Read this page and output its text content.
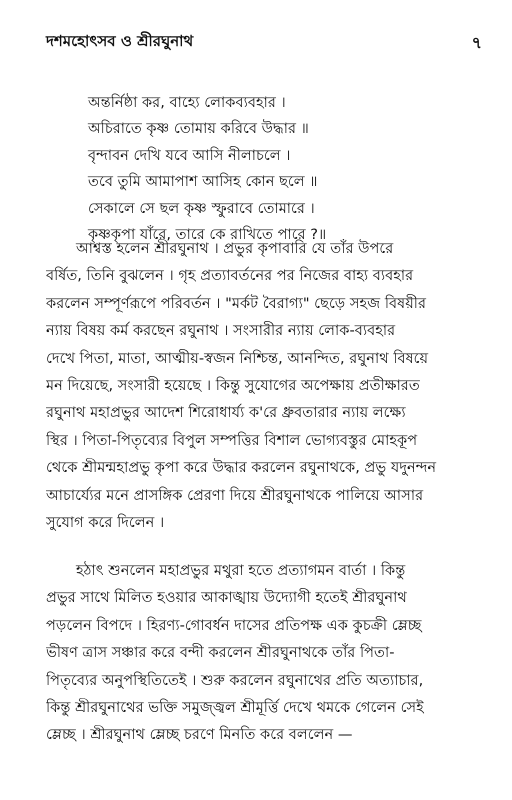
দশমহোৎসব ও শ্রীরঘুনাথ	৭
অন্তর্নিষ্ঠা কর, বাহ্যে লোকব্যবহার ।
অচিরাতে কৃষ্ণ তোমায় করিবে উদ্ধার ॥
বৃন্দাবন দেখি যবে আসি নীলাচলে ।
তবে তুমি আমাপাশ আসিহ কোন ছলে ॥
সেকালে সে ছল কৃষ্ণ স্ফুরাবে তোমারে ।
কৃষ্ণকৃপা যাঁরে, তারে কে রাখিতে পারে ?॥
আশ্বস্ত হলেন শ্রীরঘুনাথ । প্রভুর কৃপাবারি যে তাঁর উপরে
বর্ষিত, তিনি বুঝলেন । গৃহ প্রত্যাবর্তনের পর নিজের বাহ্য ব্যবহার
করলেন সম্পূর্ণরূপে পরিবর্তন । "মর্কট বৈরাগ্য" ছেড়ে সহজ বিষয়ীর
ন্যায় বিষয় কর্ম করছেন রঘুনাথ । সংসারীর ন্যায় লোক-ব্যবহার
দেখে পিতা, মাতা, আত্মীয়-স্বজন নিশ্চিন্ত, আনন্দিত, রঘুনাথ বিষয়ে
মন দিয়েছে, সংসারী হয়েছে । কিন্তু সুযোগের অপেক্ষায় প্রতীক্ষারত
রঘুনাথ মহাপ্রভুর আদেশ শিরোধার্য্য ক'রে ধ্রুবতারার ন্যায় লক্ষ্যে
স্থির । পিতা-পিতৃব্যের বিপুল সম্পত্তির বিশাল ভোগ্যবস্তুর মোহকূপ
থেকে শ্রীমন্মহাপ্রভু কৃপা করে উদ্ধার করলেন রঘুনাথকে, প্রভু যদুনন্দন
আচার্য্যের মনে প্রাসঙ্গিক প্রেরণা দিয়ে শ্রীরঘুনাথকে পালিয়ে আসার
সুযোগ করে দিলেন ।
হঠাৎ শুনলেন মহাপ্রভুর মথুরা হতে প্রত্যাগমন বার্তা । কিন্তু
প্রভুর সাথে মিলিত হওয়ার আকাঙ্খায় উদ্যোগী হতেই শ্রীরঘুনাথ
পড়লেন বিপদে । হিরণ্য-গোবর্ধন দাসের প্রতিপক্ষ এক কুচক্রী ম্লেচ্ছ
ভীষণ ত্রাস সঞ্চার করে বন্দী করলেন শ্রীরঘুনাথকে তাঁর পিতা-
পিতৃব্যের অনুপস্থিতিতেই । শুরু করলেন রঘুনাথের প্রতি অত্যাচার,
কিন্তু শ্রীরঘুনাথের ভক্তি সমুজ্জ্বল শ্রীমূর্ত্তি দেখে থমকে গেলেন সেই
ম্লেচ্ছ । শ্রীরঘুনাথ ম্লেচ্ছ চরণে মিনতি করে বললেন —
